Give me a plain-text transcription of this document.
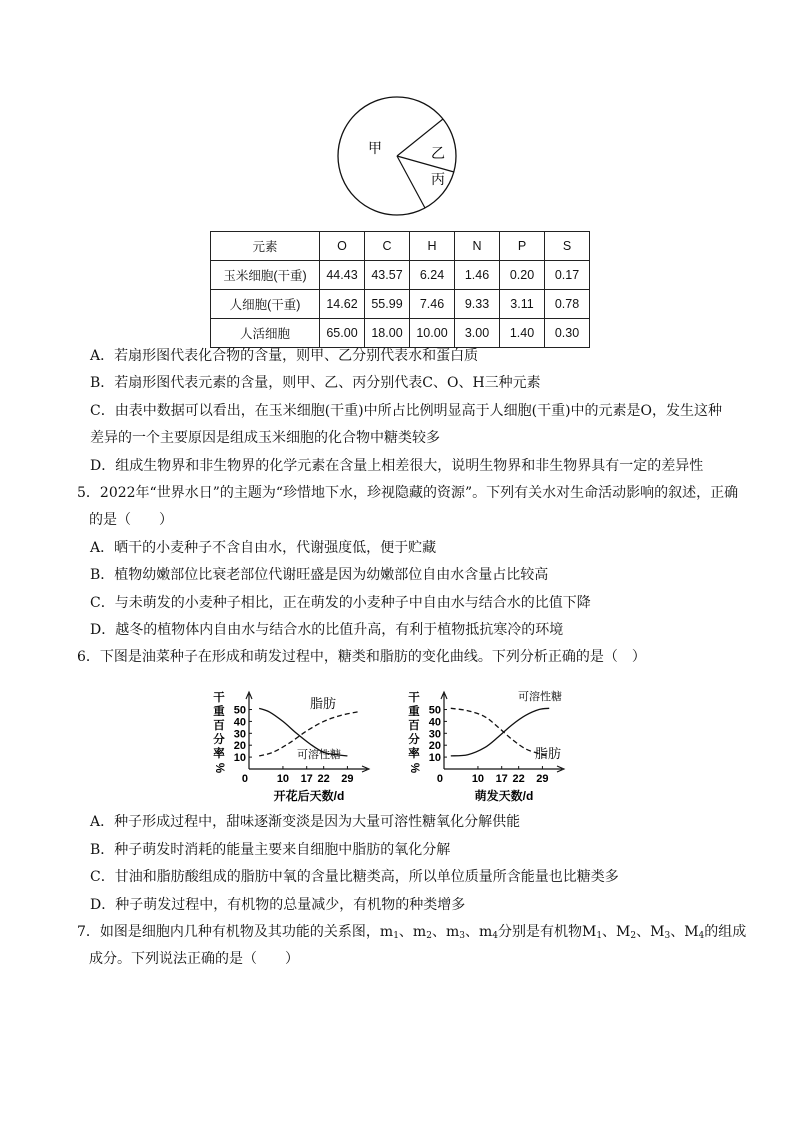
甲	乙
丙
元素	O	C	H	N	P	S
玉米细胞(干重)	44.43	43.57	6.24	1.46	0.20	0.17
人细胞(干重)	14.62	55.99	7.46	9.33	3.11	0.78
人活细胞	65.00	18.00	10.00	3.00	1.40	0.30
A．若扇形图代表化合物的含量，则甲、乙分别代表水和蛋白质
B．若扇形图代表元素的含量，则甲、乙、丙分别代表C、O、H三种元素
C．由表中数据可以看出，在玉米细胞(干重)中所占比例明显高于人细胞(干重)中的元素是O，发生这种
差异的一个主要原因是组成玉米细胞的化合物中糖类较多
D．组成生物界和非生物界的化学元素在含量上相差很大，说明生物界和非生物界具有一定的差异性
5．2022年“世界水日”的主题为“珍惜地下水，珍视隐藏的资源”。下列有关水对生命活动影响的叙述，正确
的是（　　）
A．晒干的小麦种子不含自由水，代谢强度低，便于贮藏
B．植物幼嫩部位比衰老部位代谢旺盛是因为幼嫩部位自由水含量占比较高
C．与未萌发的小麦种子相比，正在萌发的小麦种子中自由水与结合水的比值下降
D．越冬的植物体内自由水与结合水的比值升高，有利于植物抵抗寒冷的环境
6．下图是油菜种子在形成和萌发过程中，糖类和脂肪的变化曲线。下列分析正确的是（　）
干
重
百
分
率
%
10
20
30
40
50
0	10 17 22 29
开花后天数/d
脂肪
可溶性糖
干
重
百
分
率
%
10
20
30
40
50
0	10 17 22 29
萌发天数/d
可溶性糖
脂肪
A．种子形成过程中，甜味逐渐变淡是因为大量可溶性糖氧化分解供能
B．种子萌发时消耗的能量主要来自细胞中脂肪的氧化分解
C．甘油和脂肪酸组成的脂肪中氧的含量比糖类高，所以单位质量所含能量也比糖类多
D．种子萌发过程中，有机物的总量减少，有机物的种类增多
7．如图是细胞内几种有机物及其功能的关系图，$m_1$、$m_2$、$m_3$、$m_4$分别是有机物$M_1$、$M_2$、$M_3$、$M_4$的组成
成分。下列说法正确的是（　　）
